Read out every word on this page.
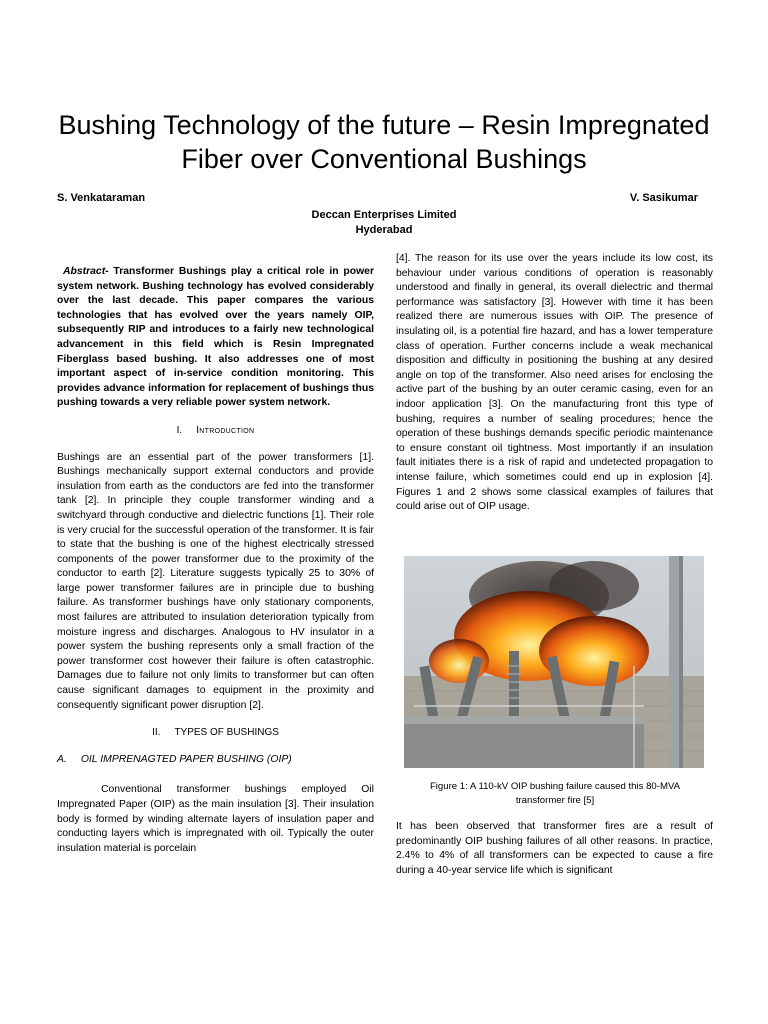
Bushing Technology of the future – Resin Impregnated Fiber over Conventional Bushings
S. Venkataraman	V. Sasikumar
Deccan Enterprises Limited
Hyderabad

Abstract- Transformer Bushings play a critical role in power system network. Bushing technology has evolved considerably over the last decade. This paper compares the various technologies that has evolved over the years namely OIP, subsequently RIP and introduces to a fairly new technological advancement in this field which is Resin Impregnated Fiberglass based bushing. It also addresses one of most important aspect of in-service condition monitoring. This provides advance information for replacement of bushings thus pushing towards a very reliable power system network.

I. Introduction

Bushings are an essential part of the power transformers [1]. Bushings mechanically support external conductors and provide insulation from earth as the conductors are fed into the transformer tank [2]. In principle they couple transformer winding and a switchyard through conductive and dielectric functions [1]. Their role is very crucial for the successful operation of the transformer. It is fair to state that the bushing is one of the highest electrically stressed components of the power transformer due to the proximity of the conductor to earth [2]. Literature suggests typically 25 to 30% of large power transformer failures are in principle due to bushing failure. As transformer bushings have only stationary components, most failures are attributed to insulation deterioration typically from moisture ingress and discharges. Analogous to HV insulator in a power system the bushing represents only a small fraction of the power transformer cost however their failure is often catastrophic. Damages due to failure not only limits to transformer but can often cause significant damages to equipment in the proximity and consequently significant power disruption [2].

II. TYPES OF BUSHINGS

A. OIL IMPRENAGTED PAPER BUSHING (OIP)

Conventional transformer bushings employed Oil Impregnated Paper (OIP) as the main insulation [3]. Their insulation body is formed by winding alternate layers of insulation paper and conducting layers which is impregnated with oil. Typically the outer insulation material is porcelain

[4]. The reason for its use over the years include its low cost, its behaviour under various conditions of operation is reasonably understood and finally in general, its overall dielectric and thermal performance was satisfactory [3]. However with time it has been realized there are numerous issues with OIP. The presence of insulating oil, is a potential fire hazard, and has a lower temperature class of operation. Further concerns include a weak mechanical disposition and difficulty in positioning the bushing at any desired angle on top of the transformer. Also need arises for enclosing the active part of the bushing by an outer ceramic casing, even for an indoor application [3]. On the manufacturing front this type of bushing, requires a number of sealing procedures; hence the operation of these bushings demands specific periodic maintenance to ensure constant oil tightness. Most importantly if an insulation fault initiates there is a risk of rapid and undetected propagation to intense failure, which sometimes could end up in explosion [4]. Figures 1 and 2 shows some classical examples of failures that could arise out of OIP usage.

Figure 1: A 110-kV OIP bushing failure caused this 80-MVA transformer fire [5]

It has been observed that transformer fires are a result of predominantly OIP bushing failures of all other reasons. In practice, 2.4% to 4% of all transformers can be expected to cause a fire during a 40-year service life which is significant
